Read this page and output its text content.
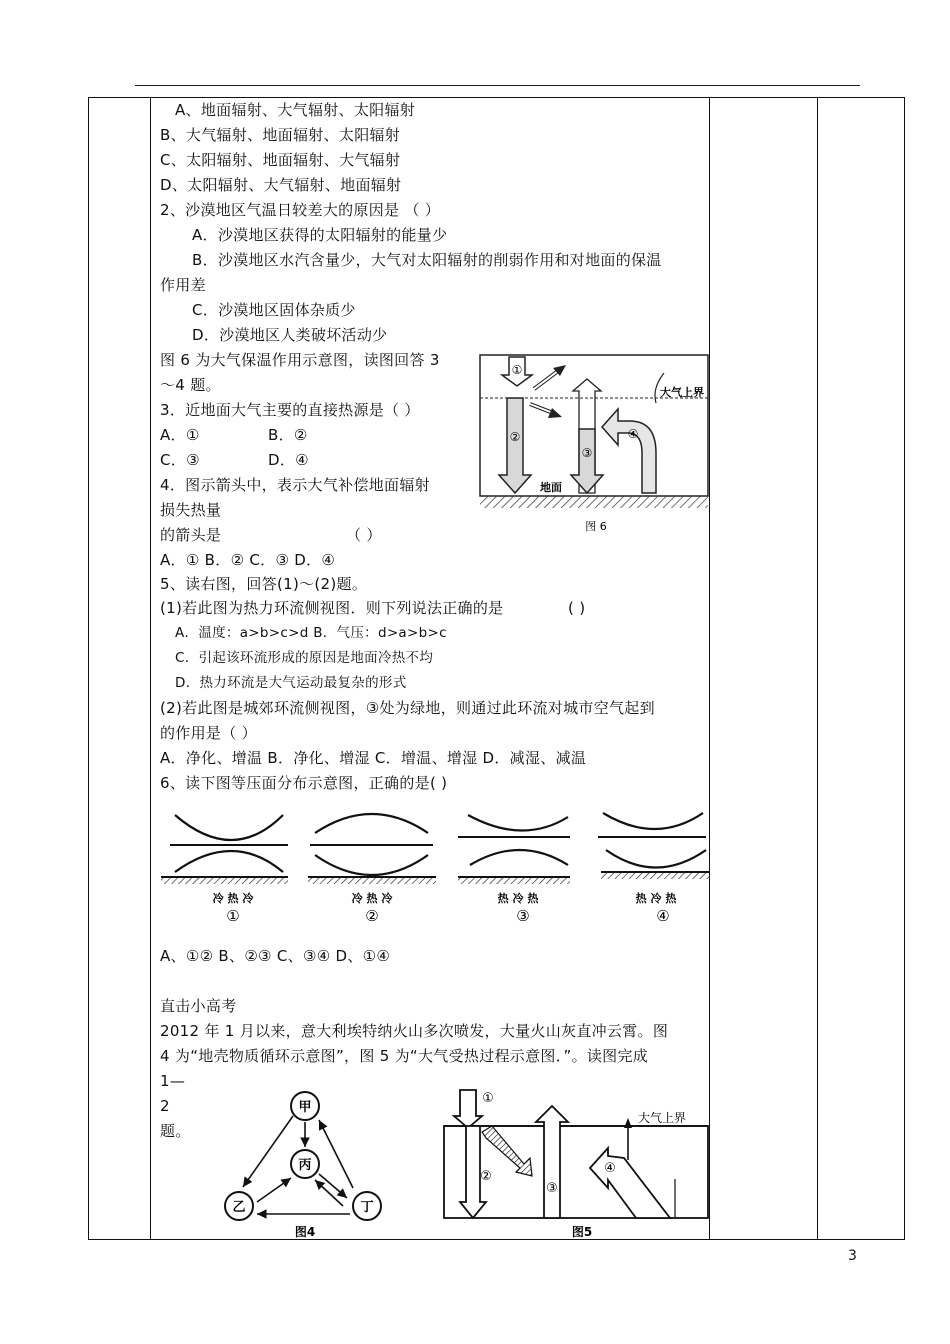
A、地面辐射、大气辐射、太阳辐射
B、大气辐射、地面辐射、太阳辐射
C、太阳辐射、地面辐射、大气辐射
D、太阳辐射、大气辐射、地面辐射
2、沙漠地区气温日较差大的原因是 （ ）
A．沙漠地区获得的太阳辐射的能量少
B．沙漠地区水汽含量少，大气对太阳辐射的削弱作用和对地面的保温
作用差
C．沙漠地区固体杂质少
D．沙漠地区人类破坏活动少
图 6 为大气保温作用示意图，读图回答 3
～4 题。
3．近地面大气主要的直接热源是（ ）
A．①	B．②
C．③	D．④
4．图示箭头中，表示大气补偿地面辐射
损失热量
的箭头是	（ ）
A．① B．② C．③ D．④
①
②
③
④
大气上界
地面
图 6
5、读右图，回答(1)～(2)题。
(1)若此图为热力环流侧视图．则下列说法正确的是	( )
A．温度：a>b>c>d B．气压：d>a>b>c
C．引起该环流形成的原因是地面冷热不均
D．热力环流是大气运动最复杂的形式
(2)若此图是城郊环流侧视图，③处为绿地，则通过此环流对城市空气起到
的作用是（ ）
A．净化、增温 B．净化、增湿 C．增温、增湿 D．减湿、减温
6、读下图等压面分布示意图，正确的是( )
冷 热 冷
①
冷 热 冷
②
热 冷 热
③
热 冷 热
④
A、①② B、②③ C、③④ D、①④
直击小高考
2012 年 1 月以来，意大利埃特纳火山多次喷发，大量火山灰直冲云霄。图
4 为“地壳物质循环示意图”，图 5 为“大气受热过程示意图．”。读图完成
1—
2
题。
甲
乙
丙
丁
图4
①
②
③
④
大气上界
图5
3
